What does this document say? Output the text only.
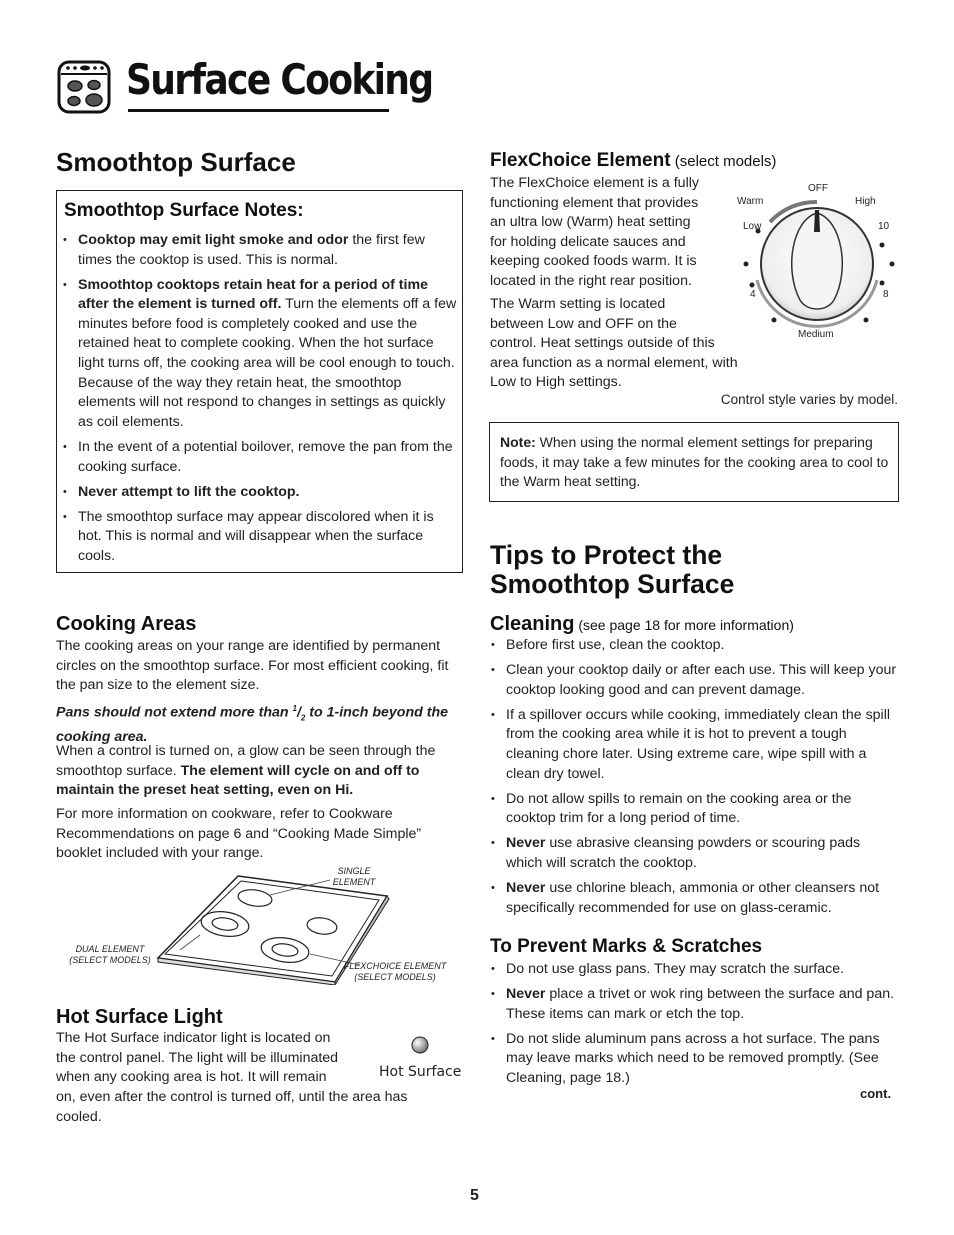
Surface Cooking
Smoothtop Surface
Smoothtop Surface Notes:
• Cooktop may emit light smoke and odor the first few times the cooktop is used. This is normal.
• Smoothtop cooktops retain heat for a period of time after the element is turned off. Turn the elements off a few minutes before food is completely cooked and use the retained heat to complete cooking. When the hot surface light turns off, the cooking area will be cool enough to touch. Because of the way they retain heat, the smoothtop elements will not respond to changes in settings as quickly as coil elements.
• In the event of a potential boilover, remove the pan from the cooking surface.
• Never attempt to lift the cooktop.
• The smoothtop surface may appear discolored when it is hot. This is normal and will disappear when the surface cools.
Cooking Areas

The cooking areas on your range are identified by permanent circles on the smoothtop surface. For most efficient cooking, fit the pan size to the element size.

Pans should not extend more than $^1/_2$ to 1-inch beyond the cooking area.

When a control is turned on, a glow can be seen through the smoothtop surface. The element will cycle on and off to maintain the preset heat setting, even on Hi.

For more information on cookware, refer to Cookware Recommendations on page 6 and “Cooking Made Simple” booklet included with your range.

SINGLE
ELEMENT
DUAL ELEMENT
(SELECT MODELS)
FLEXCHOICE ELEMENT
(SELECT MODELS)
Hot Surface Light

The Hot Surface indicator light is located on

the control panel. The light will be illuminated

when any cooking area is hot. It will remain

on, even after the control is turned off, until the area has cooled.

Hot Surface
FlexChoice Element (select models)
The FlexChoice element is a fully
functioning element that provides
an ultra low (Warm) heat setting
for holding delicate sauces and
keeping cooked foods warm. It is
located in the right rear position.
The Warm setting is located
between Low and OFF on the
control. Heat settings outside of this
area function as a normal element, with
Low to High settings.
OFF
Warm	High
Low	10
4	8
Medium
Control style varies by model.

Note: When using the normal element settings for preparing foods, it may take a few minutes for the cooking area to cool to the Warm heat setting.

Tips to Protect the
Smoothtop Surface
Cleaning (see page 18 for more information)
• Before first use, clean the cooktop.
• Clean your cooktop daily or after each use. This will keep your cooktop looking good and can prevent damage.
• If a spillover occurs while cooking, immediately clean the spill from the cooking area while it is hot to prevent a tough cleaning chore later. Using extreme care, wipe spill with a clean dry towel.
• Do not allow spills to remain on the cooking area or the cooktop trim for a long period of time.
• Never use abrasive cleansing powders or scouring pads which will scratch the cooktop.
• Never use chlorine bleach, ammonia or other cleansers not specifically recommended for use on glass-ceramic.
To Prevent Marks & Scratches
• Do not use glass pans. They may scratch the surface.
• Never place a trivet or wok ring between the surface and pan. These items can mark or etch the top.
• Do not slide aluminum pans across a hot surface. The pans may leave marks which need to be removed promptly. (See Cleaning, page 18.)
cont.
5
